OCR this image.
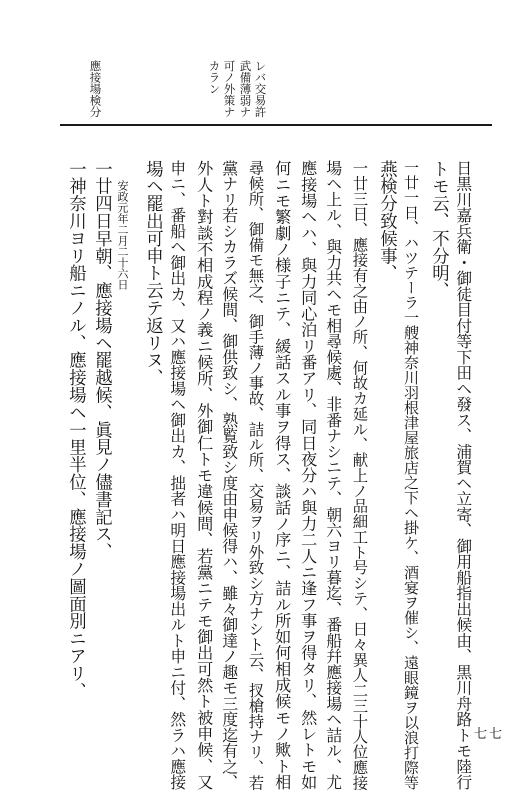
武備薄弱ナ レバ交易許
可ノ外策ナ
カラン
應接場検分
日黒川嘉兵衛・御徒目付等下田ヘ發ス、浦賀ヘ立寄、御用船指出候由、黒川舟路トモ陸行
トモ云、不分明、
一廿一日、ハツテーラ一艘神奈川羽根津屋旅店之下ヘ掛ケ、酒宴ヲ催シ、遠眼鏡ヲ以浪打際等
燕検分致候事、
一廿三日、應接有之由ノ所、何故カ延ル、献上ノ品細工ト号シテ、日々異人二三十人位應接
場ヘ上ル、與力共ヘモ相尋候處、非番ナシニテ、朝六ヨリ暮迄、番船幷應接場ヘ詰ル、尤
應接場ヘハ、與力同心泊リ番アリ、同日夜分ハ與力二人ニ逢フ事ヲ得タリ、然レトモ如
何ニモ繁劇ノ様子ニテ、緩話スル事ヲ得ス、談話ノ序ニ、詰ル所如何相成候モノ歟ト相
尋候所、御備モ無之、御手薄ノ事故、詰ル所、交易ヲリ外致シ方ナシト云、扠槍持ナリ、若
黨ナリ若シカラズ候間、御供致シ、熟覧致シ度由申候得ハ、雖々御達ノ趣モ三度迄有之、
外人ト對談不相成程ノ義ニ候所、外御仁トモ違候間、若黨ニテモ御出可然ト被申候、又
申ニ、番船ヘ御出カ、又ハ應接場ヘ御出カ、拙者ハ明日應接場出ルト申ニ付、然ラハ應接
場ヘ罷出可申ト云テ返リヌ、
一廿四日早朝、應接場ヘ罷越候、眞見ノ儘書記ス、
一神奈川ヨリ船ニノル、應接場ヘ一里半位、應接場ノ圖面別ニアリ、	安政元年二月二十六日
七七
